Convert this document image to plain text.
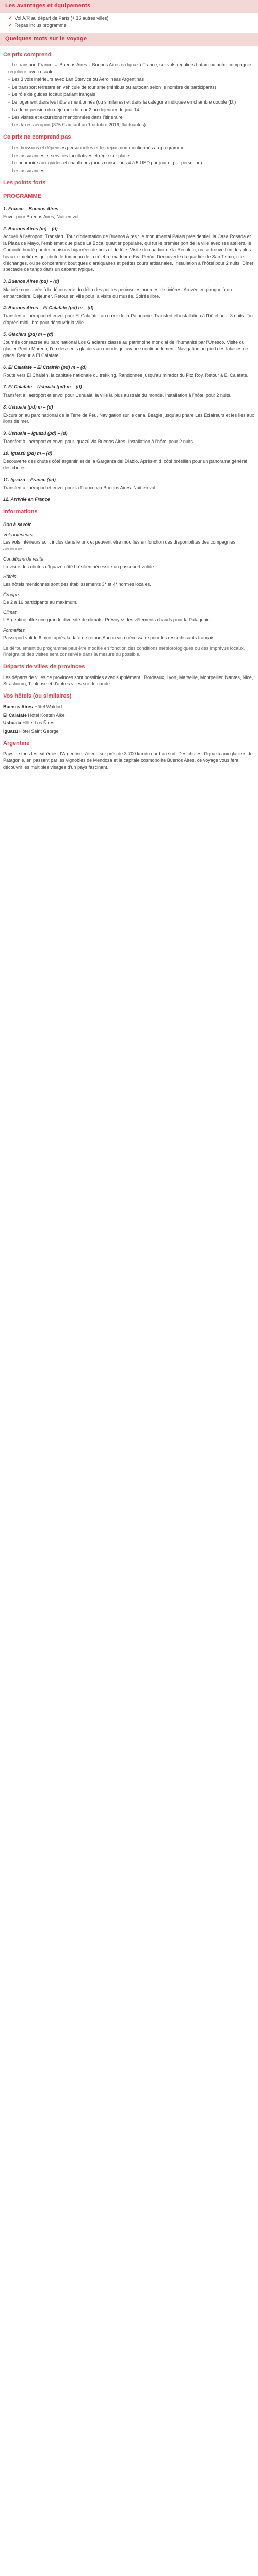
Les avantages et équipements
✔ Vol A/R au départ de Paris (+ 16 autres villes)
✔ Repas inclus programme
Quelques mots sur le voyage
Ce prix comprend
- Le transport France ↔ Buenos Aires – Buenos Aires en Iguazú France, sur vols réguliers Latam ou autre compagnie régulière, avec escale
- Les 3 vols intérieurs avec Lan Stervice ou Aerolineas Argentinas
- Le transport terrestre en véhicule de tourisme (minibus ou autocar, selon le nombre de participants)
- Le rôle de guides locaux parlant français
- Le logement dans les hôtels mentionnés (ou similaires) et dans la catégorie indiquée en chambre double (D.)
- La demi-pension du déjeuner du jour 2 au déjeuner du jour 14
- Les visites et excursions mentionnées dans l’itinéraire
- Les taxes aéroport (375 € au tarif au 1 octobre 2016, fluctuantes)
Ce prix ne comprend pas
- Les boissons et dépenses personnelles et les repas non mentionnés au programme
- Les assurances et services facultatives et réglé sur place.
- Le pourboire aux guides et chauffeurs (nous conseillons 4 à 5 USD par jour et par personne)
- Les assurances
Les points forts
PROGRAMME
1. France – Buenos Aires

Envol pour Buenos Aires, Nuit en vol.

2. Buenos Aires (m) – (d)

Accueil à l’aéroport. Transfert. Tour d’orientation de Buenos Aires : le monumental Palais présidentiel, la Casa Rosada et la Plaza de Mayo, l’emblématique place La Boca, quartier populaire, qui fut le premier port de la ville avec ses ateliers, le Caminito bordé par des maisons bigarrées de bois et de tôle. Visite du quartier de la Recoleta, ou se trouve l’un des plus beaux cimetières qui abrite le tombeau de la célèbre madonne Eva Perón. Découverte du quartier de San Telmo, cite d’échanges, ou se concentrent boutiques d’antiquaires et petites cours artisanales. Installation à l’hôtel pour 2 nuits. Dîner spectacle de tango dans un cabaret typique.

3. Buenos Aires (pd) – (d)

Matinée consacrée à la découverte du délta des petites peninsules nourries de rivières. Arrivée en pirogue à un embarcadère. Déjeuner. Retour en ville pour la visite du musée. Soirée libre.

4. Buenos Aires – El Calafate (pd) m – (d)

Transfert à l’aéroport et envol pour El Calafate, au cœur de la Patagonie. Transfert et installation à l’hôtel pour 3 nuits. Fin d’après-midi libre pour découvrir la ville.

5. Glaciers (pd) m – (d)

Journée consacrée au parc national Los Glaciares classé au patrimoine mondial de l’humanité par l’Unesco. Visite du glacier Perito Moreno, l’un des seuls glaciers au monde qui avance continuellement. Navigation au pied des falaises de glace. Retour à El Calafate.

6. El Calafate – El Chaltén (pd) m – (d)

Route vers El Chaltén, la capitale nationale du trekking. Randonnée jusqu’au mirador du Fitz Roy. Retour à El Calafate.

7. El Calafate – Ushuaia (pd) m – (d)

Transfert à l’aéroport et envol pour Ushuaia, la ville la plus australe du monde. Installation à l’hôtel pour 2 nuits.

8. Ushuaia (pd) m – (d)

Excursion au parc national de la Terre de Feu. Navigation sur le canal Beagle jusqu’au phare Les Éclaireurs et les îles aux lions de mer.

9. Ushuaia – Iguazú (pd) – (d)

Transfert à l’aéroport et envol pour Iguazú via Buenos Aires. Installation à l’hôtel pour 2 nuits.

10. Iguazú (pd) m – (d)

Découverte des chutes côté argentin et de la Garganta del Diablo. Après-midi côté brésilien pour un panorama général des chutes.

11. Iguazú – France (pd)

Transfert à l’aéroport et envol pour la France via Buenos Aires. Nuit en vol.

12. Arrivée en France

Informations
Bon à savoir
Vols intérieurs

Les vols intérieurs sont inclus dans le prix et peuvent être modifiés en fonction des disponibilités des compagnies aériennes.

Conditions de visite

La visite des chutes d’Iguazú côté brésilien nécessite un passeport valide.

Hôtels

Les hôtels mentionnés sont des établissements 3* et 4* normes locales.

Groupe

De 2 à 16 participants au maximum.

Climat

L’Argentine offre une grande diversité de climats. Prévoyez des vêtements chauds pour la Patagonie.

Formalités

Passeport valide 6 mois après la date de retour. Aucun visa nécessaire pour les ressortissants français.

Le déroulement du programme peut être modifié en fonction des conditions météorologiques ou des imprévus locaux, l’intégralité des visites sera conservée dans la mesure du possible.

Départs de villes de provinces

Les départs de villes de provinces sont possibles avec supplément : Bordeaux, Lyon, Marseille, Montpellier, Nantes, Nice, Strasbourg, Toulouse et d’autres villes sur demande.

Vos hôtels (ou similaires)
Buenos Aires Hôtel Waldorf
El Calafate Hôtel Kosten Aike
Ushuaia Hôtel Los Ñires
Iguazú Hôtel Saint George
Argentine

Pays de tous les extrêmes, l’Argentine s’étend sur près de 3 700 km du nord au sud. Des chutes d’Iguazú aux glaciers de Patagonie, en passant par les vignobles de Mendoza et la capitale cosmopolite Buenos Aires, ce voyage vous fera découvrir les multiples visages d’un pays fascinant.
